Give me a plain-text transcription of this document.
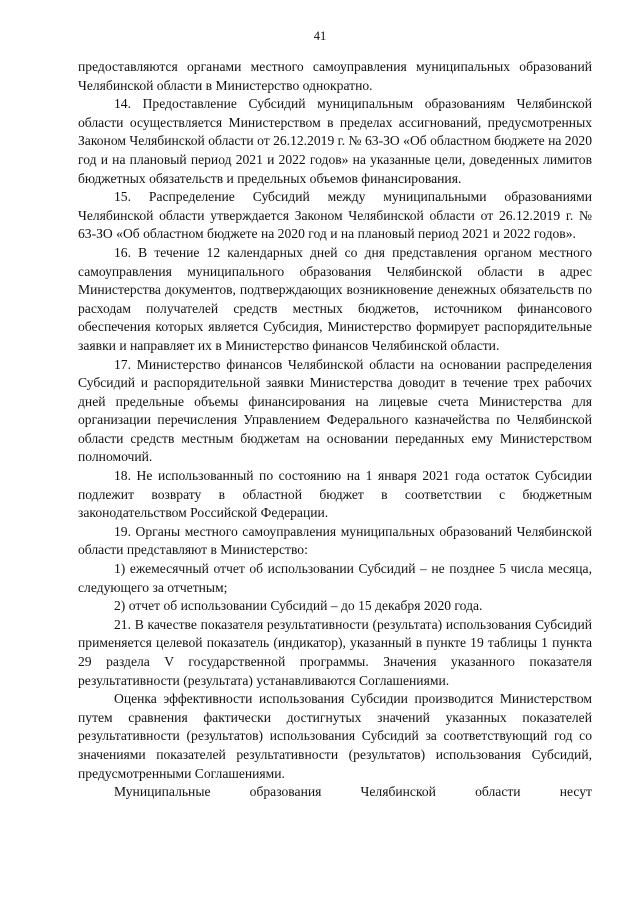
41

предоставляются органами местного самоуправления муниципальных образований Челябинской области в Министерство однократно.

14. Предоставление Субсидий муниципальным образованиям Челябинской области осуществляется Министерством в пределах ассигнований, предусмотренных Законом Челябинской области от 26.12.2019 г. № 63-ЗО «Об областном бюджете на 2020 год и на плановый период 2021 и 2022 годов» на указанные цели, доведенных лимитов бюджетных обязательств и предельных объемов финансирования.

15. Распределение Субсидий между муниципальными образованиями Челябинской области утверждается Законом Челябинской области от 26.12.2019 г. № 63-ЗО «Об областном бюджете на 2020 год и на плановый период 2021 и 2022 годов».

16. В течение 12 календарных дней со дня представления органом местного самоуправления муниципального образования Челябинской области в адрес Министерства документов, подтверждающих возникновение денежных обязательств по расходам получателей средств местных бюджетов, источником финансового обеспечения которых является Субсидия, Министерство формирует распорядительные заявки и направляет их в Министерство финансов Челябинской области.

17. Министерство финансов Челябинской области на основании распределения Субсидий и распорядительной заявки Министерства доводит в течение трех рабочих дней предельные объемы финансирования на лицевые счета Министерства для организации перечисления Управлением Федерального казначейства по Челябинской области средств местным бюджетам на основании переданных ему Министерством полномочий.

18. Не использованный по состоянию на 1 января 2021 года остаток Субсидии подлежит возврату в областной бюджет в соответствии с бюджетным законодательством Российской Федерации.

19. Органы местного самоуправления муниципальных образований Челябинской области представляют в Министерство:

1) ежемесячный отчет об использовании Субсидий – не позднее 5 числа месяца, следующего за отчетным;

2) отчет об использовании Субсидий – до 15 декабря 2020 года.

21. В качестве показателя результативности (результата) использования Субсидий применяется целевой показатель (индикатор), указанный в пункте 19 таблицы 1 пункта 29 раздела V государственной программы. Значения указанного показателя результативности (результата) устанавливаются Соглашениями.

Оценка эффективности использования Субсидии производится Министерством путем сравнения фактически достигнутых значений указанных показателей результативности (результатов) использования Субсидий за соответствующий год со значениями показателей результативности (результатов) использования Субсидий, предусмотренными Соглашениями.

Муниципальные образования Челябинской области несут
